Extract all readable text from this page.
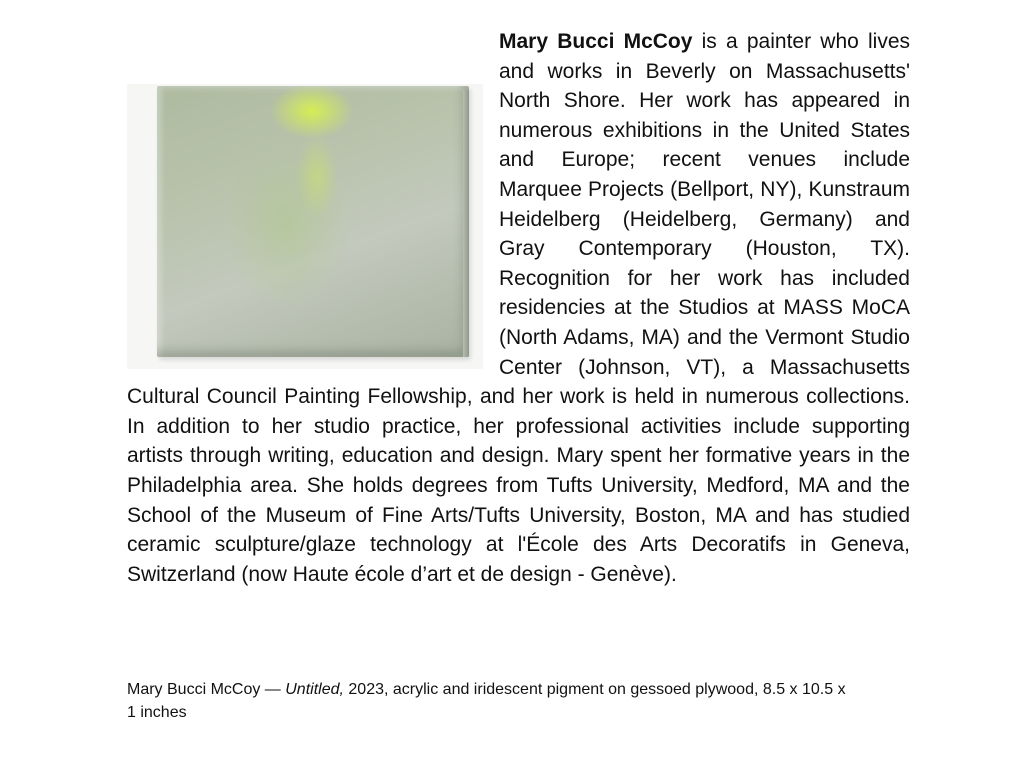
Mary Bucci McCoy is a painter who lives and works in Beverly on Massachusetts' North Shore. Her work has appeared in numerous exhibitions in the United States and Europe; recent venues include Marquee Projects (Bellport, NY), Kunstraum Heidelberg (Heidelberg, Germany) and Gray Contemporary (Houston, TX). Recognition for her work has included residencies at the Studios at MASS MoCA (North Adams, MA) and the Vermont Studio Center (Johnson, VT), a Massachusetts Cultural Council Painting Fellowship, and her work is held in numerous collections. In addition to her studio practice, her professional activities include supporting artists through writing, education and design. Mary spent her formative years in the Philadelphia area. She holds degrees from Tufts University, Medford, MA and the School of the Museum of Fine Arts/Tufts University, Boston, MA and has studied ceramic sculpture/glaze technology at l'École des Arts Decoratifs in Geneva, Switzerland (now Haute école d’art et de design - Genève).

Mary Bucci McCoy — Untitled, 2023, acrylic and iridescent pigment on gessoed plywood, 8.5 x 10.5 x 1 inches
